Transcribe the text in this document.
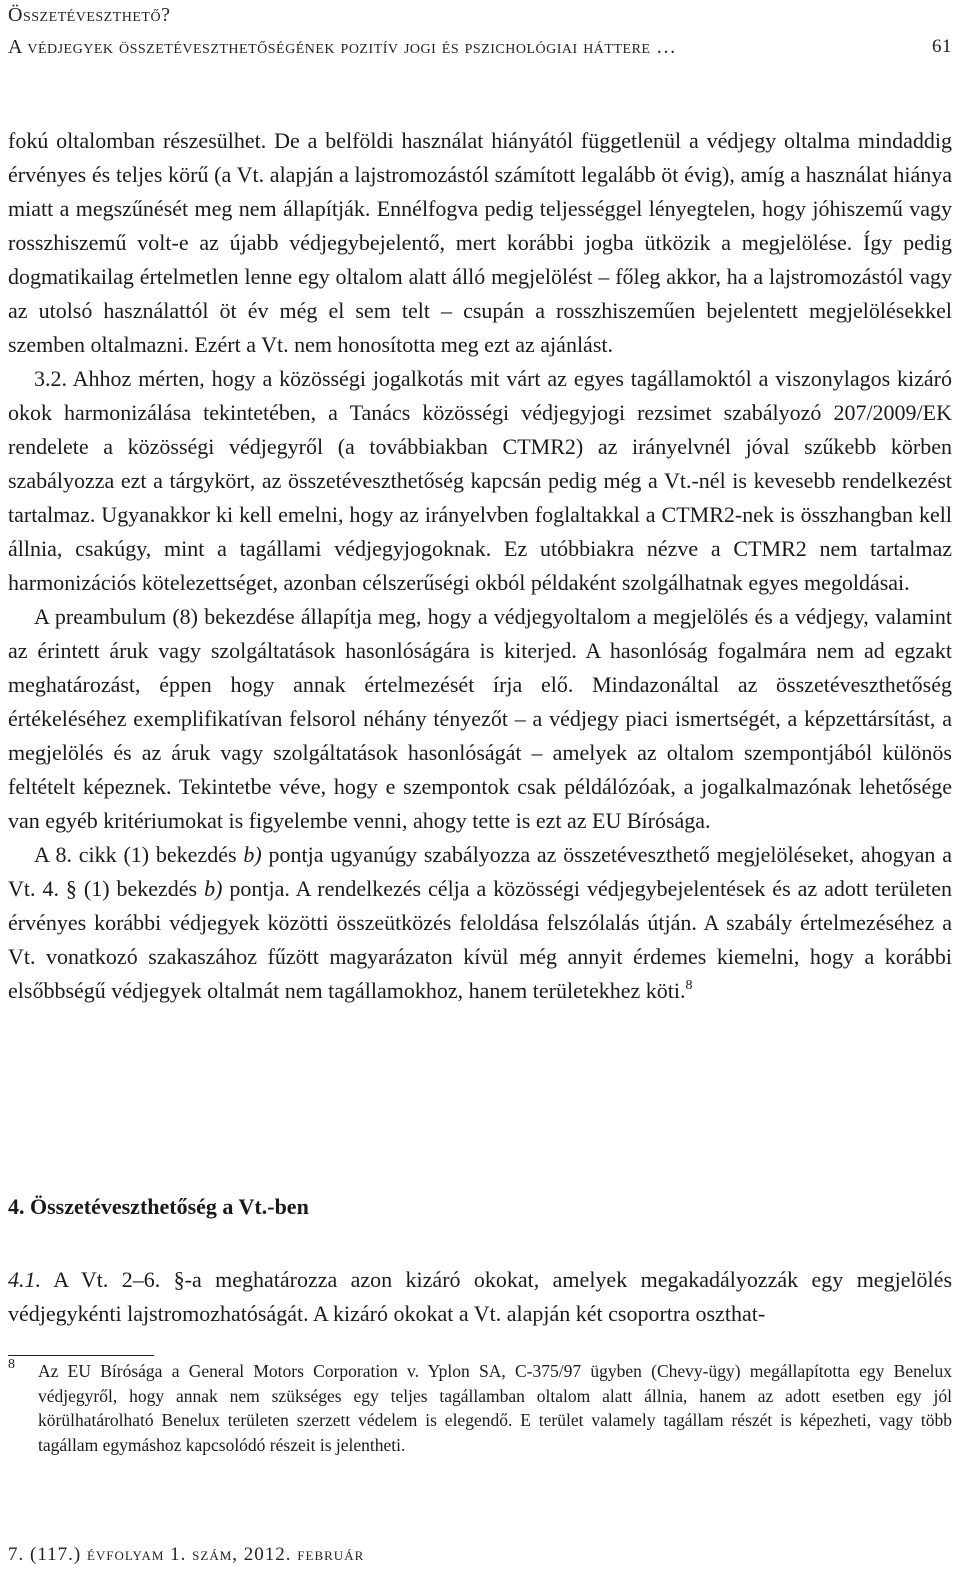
Összetéveszthető?
A védjegyek összetéveszthetőségének pozitív jogi és pszichológiai háttere …	61

fokú oltalomban részesülhet. De a belföldi használat hiányától függetlenül a védjegy oltalma mindaddig érvényes és teljes körű (a Vt. alapján a lajstromozástól számított legalább öt évig), amíg a használat hiánya miatt a megszűnését meg nem állapítják. Ennélfogva pedig teljességgel lényegtelen, hogy jóhiszemű vagy rosszhiszemű volt-e az újabb védjegybejelentő, mert korábbi jogba ütközik a megjelölése. Így pedig dogmatikailag értelmetlen lenne egy oltalom alatt álló megjelölést – főleg akkor, ha a lajstromozástól vagy az utolsó használattól öt év még el sem telt – csupán a rosszhiszeműen bejelentett megjelölésekkel szemben oltalmazni. Ezért a Vt. nem honosította meg ezt az ajánlást.

3.2. Ahhoz mérten, hogy a közösségi jogalkotás mit várt az egyes tagállamoktól a viszonylagos kizáró okok harmonizálása tekintetében, a Tanács közösségi védjegyjogi rezsimet szabályozó 207/2009/EK rendelete a közösségi védjegyről (a továbbiakban CTMR2) az irányelvnél jóval szűkebb körben szabályozza ezt a tárgykört, az összetéveszthetőség kapcsán pedig még a Vt.-nél is kevesebb rendelkezést tartalmaz. Ugyanakkor ki kell emelni, hogy az irányelvben foglaltakkal a CTMR2-nek is összhangban kell állnia, csakúgy, mint a tagállami védjegyjogoknak. Ez utóbbiakra nézve a CTMR2 nem tartalmaz harmonizációs kötelezettséget, azonban célszerűségi okból példaként szolgálhatnak egyes megoldásai.

A preambulum (8) bekezdése állapítja meg, hogy a védjegyoltalom a megjelölés és a védjegy, valamint az érintett áruk vagy szolgáltatások hasonlóságára is kiterjed. A hasonlóság fogalmára nem ad egzakt meghatározást, éppen hogy annak értelmezését írja elő. Mindazonáltal az összetéveszthetőség értékeléséhez exemplifikatívan felsorol néhány tényezőt – a védjegy piaci ismertségét, a képzettársítást, a megjelölés és az áruk vagy szolgáltatások hasonlóságát – amelyek az oltalom szempontjából különös feltételt képeznek. Tekintetbe véve, hogy e szempontok csak példálózóak, a jogalkalmazónak lehetősége van egyéb kritériumokat is figyelembe venni, ahogy tette is ezt az EU Bírósága.

A 8. cikk (1) bekezdés b) pontja ugyanúgy szabályozza az összetéveszthető megjelöléseket, ahogyan a Vt. 4. § (1) bekezdés b) pontja. A rendelkezés célja a közösségi védjegybejelentések és az adott területen érvényes korábbi védjegyek közötti összeütközés feloldása felszólalás útján. A szabály értelmezéséhez a Vt. vonatkozó szakaszához fűzött magyarázaton kívül még annyit érdemes kiemelni, hogy a korábbi elsőbbségű védjegyek oltalmát nem tagállamokhoz, hanem területekhez köti.$^8$

4. Összetéveszthetőség a Vt.-ben

4.1. A Vt. 2–6. §-a meghatározza azon kizáró okokat, amelyek megakadályozzák egy megjelölés védjegykénti lajstromozhatóságát. A kizáró okokat a Vt. alapján két csoportra oszthat-

8 Az EU Bírósága a General Motors Corporation v. Yplon SA, C-375/97 ügyben (Chevy-ügy) megállapította egy Benelux védjegyről, hogy annak nem szükséges egy teljes tagállamban oltalom alatt állnia, hanem az adott esetben egy jól körülhatárolható Benelux területen szerzett védelem is elegendő. E terület valamely tagállam részét is képezheti, vagy több tagállam egymáshoz kapcsolódó részeit is jelentheti.
7. (117.) évfolyam 1. szám, 2012. február
